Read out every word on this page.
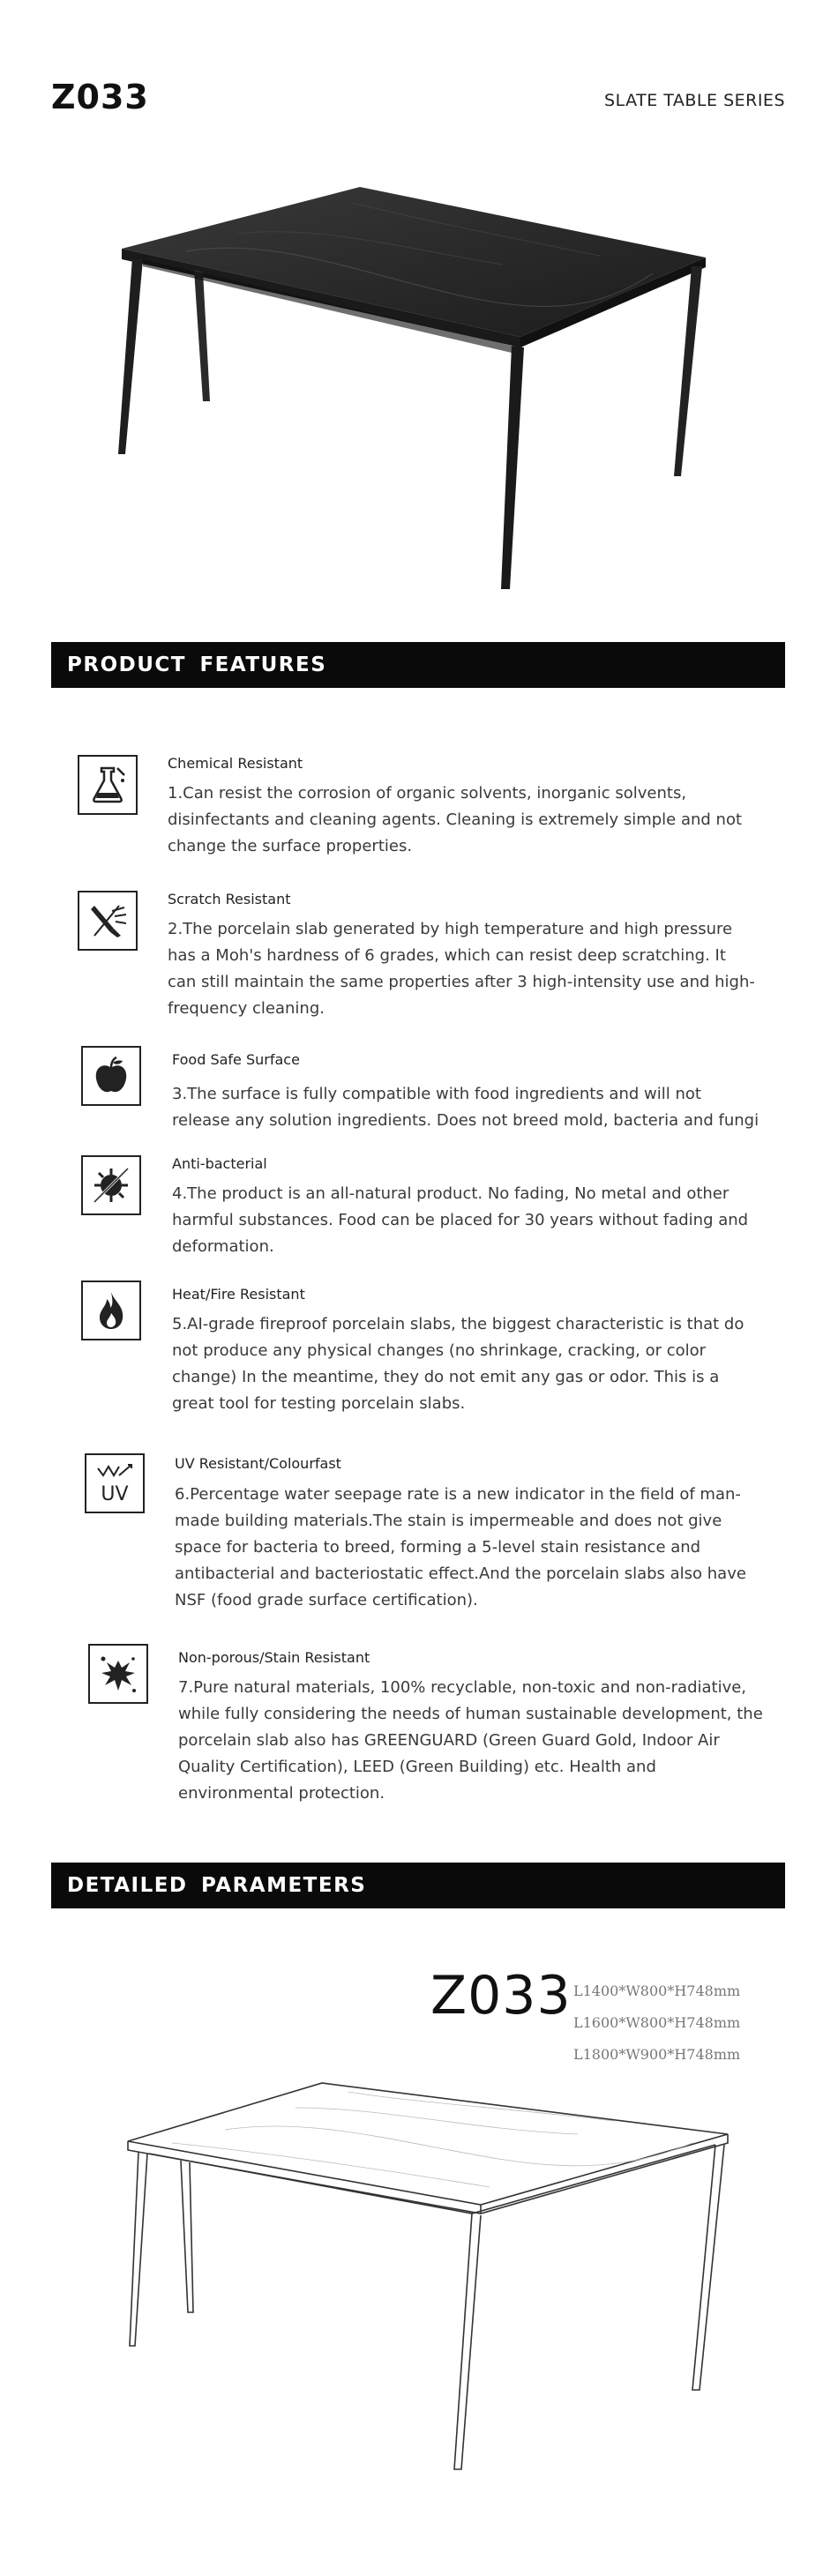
Z033	SLATE TABLE SERIES
PRODUCT FEATURES
Chemical Resistant
1.Can resist the corrosion of organic solvents, inorganic solvents, disinfectants and cleaning agents. Cleaning is extremely simple and not change the surface properties.
Scratch Resistant
2.The porcelain slab generated by high temperature and high pressure has a Moh's hardness of 6 grades, which can resist deep scratching. It can still maintain the same properties after 3 high-intensity use and high-frequency cleaning.
Food Safe Surface
3.The surface is fully compatible with food ingredients and will not release any solution ingredients. Does not breed mold, bacteria and fungi
Anti-bacterial
4.The product is an all-natural product. No fading, No metal and other harmful substances. Food can be placed for 30 years without fading and deformation.
Heat/Fire Resistant
5.AI-grade fireproof porcelain slabs, the biggest characteristic is that do not produce any physical changes (no shrinkage, cracking, or color change) In the meantime, they do not emit any gas or odor. This is a great tool for testing porcelain slabs.
UV
UV Resistant/Colourfast
6.Percentage water seepage rate is a new indicator in the field of man-made building materials.The stain is impermeable and does not give space for bacteria to breed, forming a 5-level stain resistance and antibacterial and bacteriostatic effect.And the porcelain slabs also have NSF (food grade surface certification).
Non-porous/Stain Resistant
7.Pure natural materials, 100% recyclable, non-toxic and non-radiative, while fully considering the needs of human sustainable development, the porcelain slab also has GREENGUARD (Green Guard Gold, Indoor Air Quality Certification), LEED (Green Building) etc. Health and environmental protection.
DETAILED PARAMETERS
Z033 L1400*W800*H748mm
L1600*W800*H748mm
L1800*W900*H748mm
